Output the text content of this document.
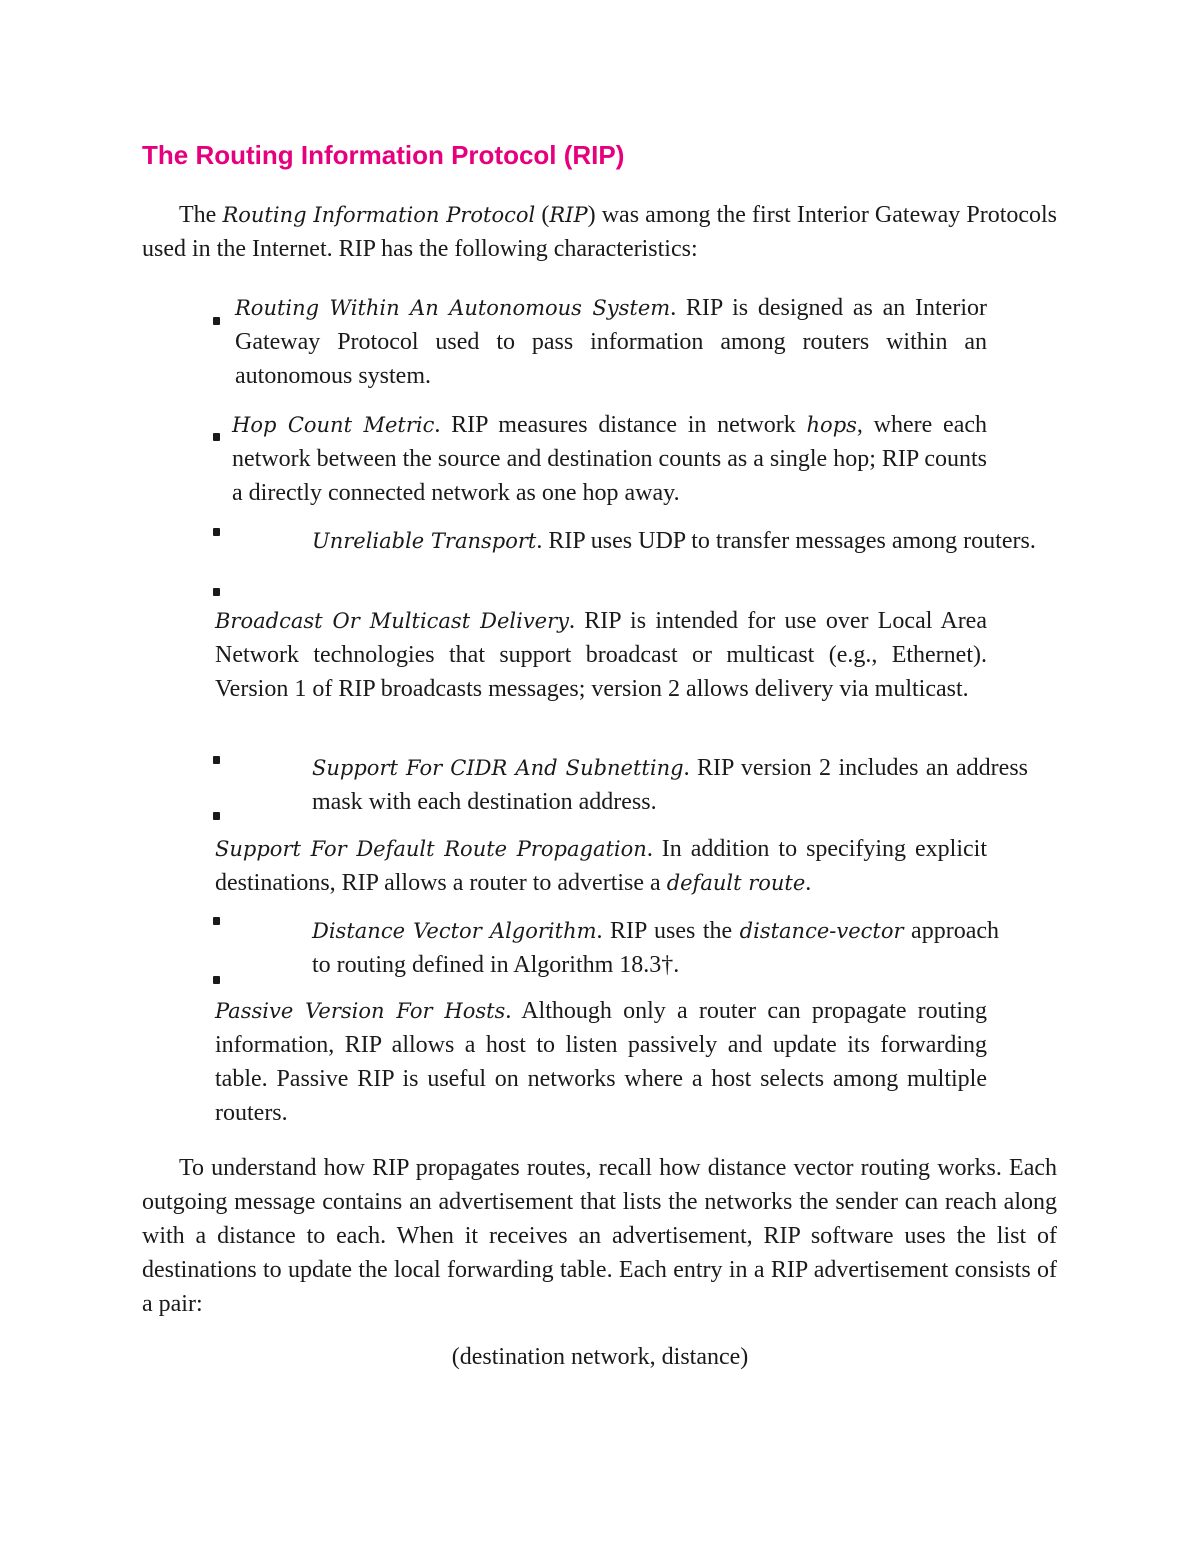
The Routing Information Protocol (RIP)

The Routing Information Protocol (RIP) was among the first Interior Gateway Protocols used in the Internet. RIP has the following characteristics:

Routing Within An Autonomous System. RIP is designed as an Interior Gateway Protocol used to pass information among routers within an autonomous system.

Hop Count Metric. RIP measures distance in network hops, where each network between the source and destination counts as a single hop; RIP counts a directly connected network as one hop away.

Unreliable Transport. RIP uses UDP to transfer messages among routers.

Broadcast Or Multicast Delivery. RIP is intended for use over Local Area Network technologies that support broadcast or multicast (e.g., Ethernet). Version 1 of RIP broadcasts messages; version 2 allows delivery via multicast.

Support For CIDR And Subnetting. RIP version 2 includes an address mask with each destination address.

Support For Default Route Propagation. In addition to specifying explicit destinations, RIP allows a router to advertise a default route.

Distance Vector Algorithm. RIP uses the distance-vector approach to routing defined in Algorithm 18.3†.

Passive Version For Hosts. Although only a router can propagate routing information, RIP allows a host to listen passively and update its forwarding table. Passive RIP is useful on networks where a host selects among multiple routers.

To understand how RIP propagates routes, recall how distance vector routing works. Each outgoing message contains an advertisement that lists the networks the sender can reach along with a distance to each. When it receives an advertisement, RIP software uses the list of destinations to update the local forwarding table. Each entry in a RIP advertisement consists of a pair:

(destination network, distance)
